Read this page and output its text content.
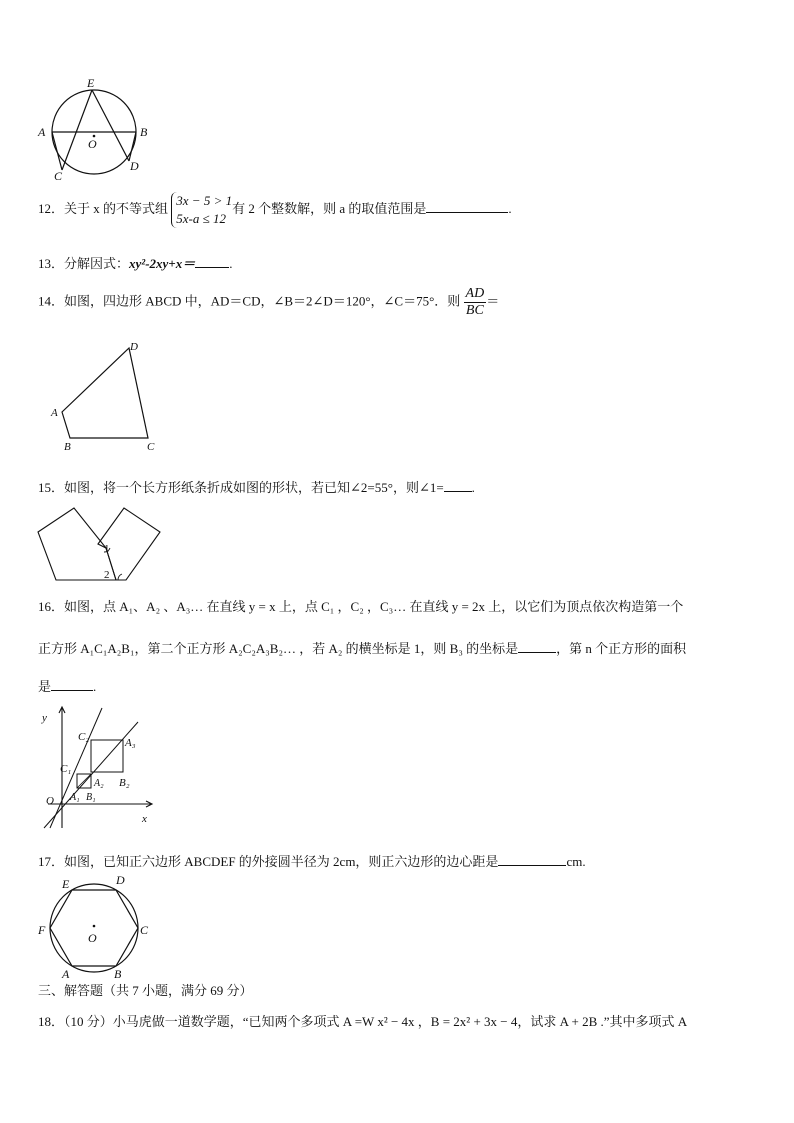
E
A	B
O
C
D
12．关于 x 的不等式组
3x − 5 > 1
5x-a ≤ 12
有 2 个整数解，则 a 的取值范围是	.
13．分解因式：xy²-2xy+x＝	.
14．如图，四边形 ABCD 中，AD＝CD，∠B＝2∠D＝120°，∠C＝75°．则 $\frac{AD}{BC}$ ＝
D
A
B	C
15．如图，将一个长方形纸条折成如图的形状，若已知∠2=55°，则∠1= .
1
2
16．如图，点 A₁、A₂ 、A₃… 在直线 y = x 上，点 C₁ ，C₂ ，C₃… 在直线 y = 2x 上，以它们为顶点依次构造第一个
正方形 A₁C₁A₂B₁，第二个正方形 A₂C₂A₃B₂… ，若 A₂ 的横坐标是 1，则 B₃ 的坐标是	，第 n 个正方形的面积
是	.
y
x
O
C₂	A₃
C₁
A₂ B₂
A₁ B₁
17．如图，已知正六边形 ABCDEF 的外接圆半径为 2cm，则正六边形的边心距是	cm.
E	D
F	C
O
A	B
三、解答题（共 7 小题，满分 69 分）
18．（10 分）小马虎做一道数学题，“已知两个多项式 A =W x² − 4x ，B = 2x² + 3x − 4，试求 A + 2B .”其中多项式 A
